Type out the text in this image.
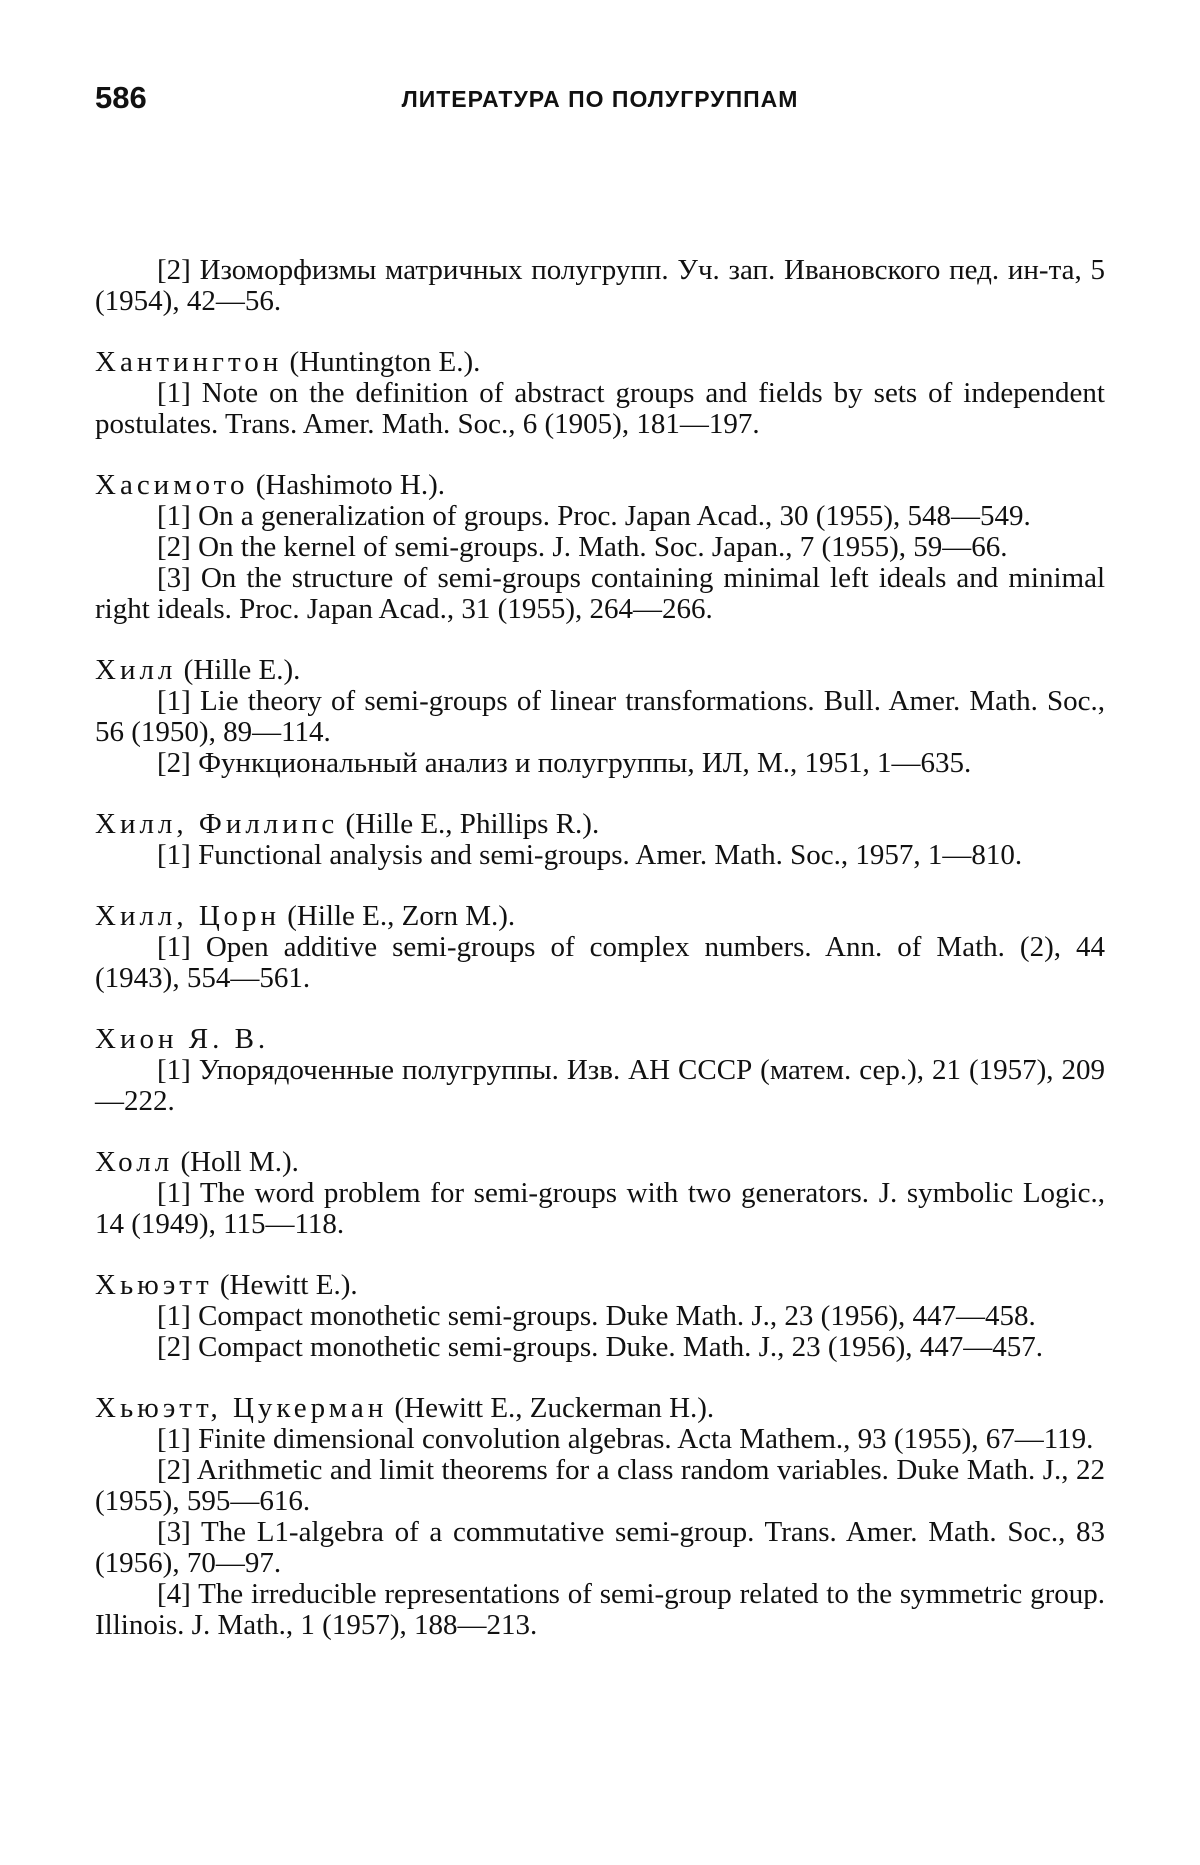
586	ЛИТЕРАТУРА ПО ПОЛУГРУППАМ

[2] Изоморфизмы матричных полугрупп. Уч. зап. Ивановского пед. ин-та, 5 (1954), 42—56.

Хантингтон (Huntington E.).

[1] Note on the definition of abstract groups and fields by sets of independent postulates. Trans. Amer. Math. Soc., 6 (1905), 181—197.

Хасимото (Hashimoto H.).

[1] On a generalization of groups. Proc. Japan Acad., 30 (1955), 548—549.

[2] On the kernel of semi-groups. J. Math. Soc. Japan., 7 (1955), 59—66.

[3] On the structure of semi-groups containing minimal left ideals and minimal right ideals. Proc. Japan Acad., 31 (1955), 264—266.

Хилл (Hille E.).

[1] Lie theory of semi-groups of linear transformations. Bull. Amer. Math. Soc., 56 (1950), 89—114.

[2] Функциональный анализ и полугруппы, ИЛ, М., 1951, 1—635.

Хилл, Филлипс (Hille E., Phillips R.).

[1] Functional analysis and semi-groups. Amer. Math. Soc., 1957, 1—810.

Хилл, Цорн (Hille E., Zorn M.).

[1] Open additive semi-groups of complex numbers. Ann. of Math. (2), 44 (1943), 554—561.

Хион Я. В.

[1] Упорядоченные полугруппы. Изв. АН СССР (матем. сер.), 21 (1957), 209—222.

Холл (Holl M.).

[1] The word problem for semi-groups with two generators. J. symbolic Logic., 14 (1949), 115—118.

Хьюэтт (Hewitt E.).

[1] Compact monothetic semi-groups. Duke Math. J., 23 (1956), 447—458.

[2] Compact monothetic semi-groups. Duke. Math. J., 23 (1956), 447—457.

Хьюэтт, Цукерман (Hewitt E., Zuckerman H.).

[1] Finite dimensional convolution algebras. Acta Mathem., 93 (1955), 67—119.

[2] Arithmetic and limit theorems for a class random variables. Duke Math. J., 22 (1955), 595—616.

[3] The L1-algebra of a commutative semi-group. Trans. Amer. Math. Soc., 83 (1956), 70—97.

[4] The irreducible representations of semi-group related to the symmetric group. Illinois. J. Math., 1 (1957), 188—213.
